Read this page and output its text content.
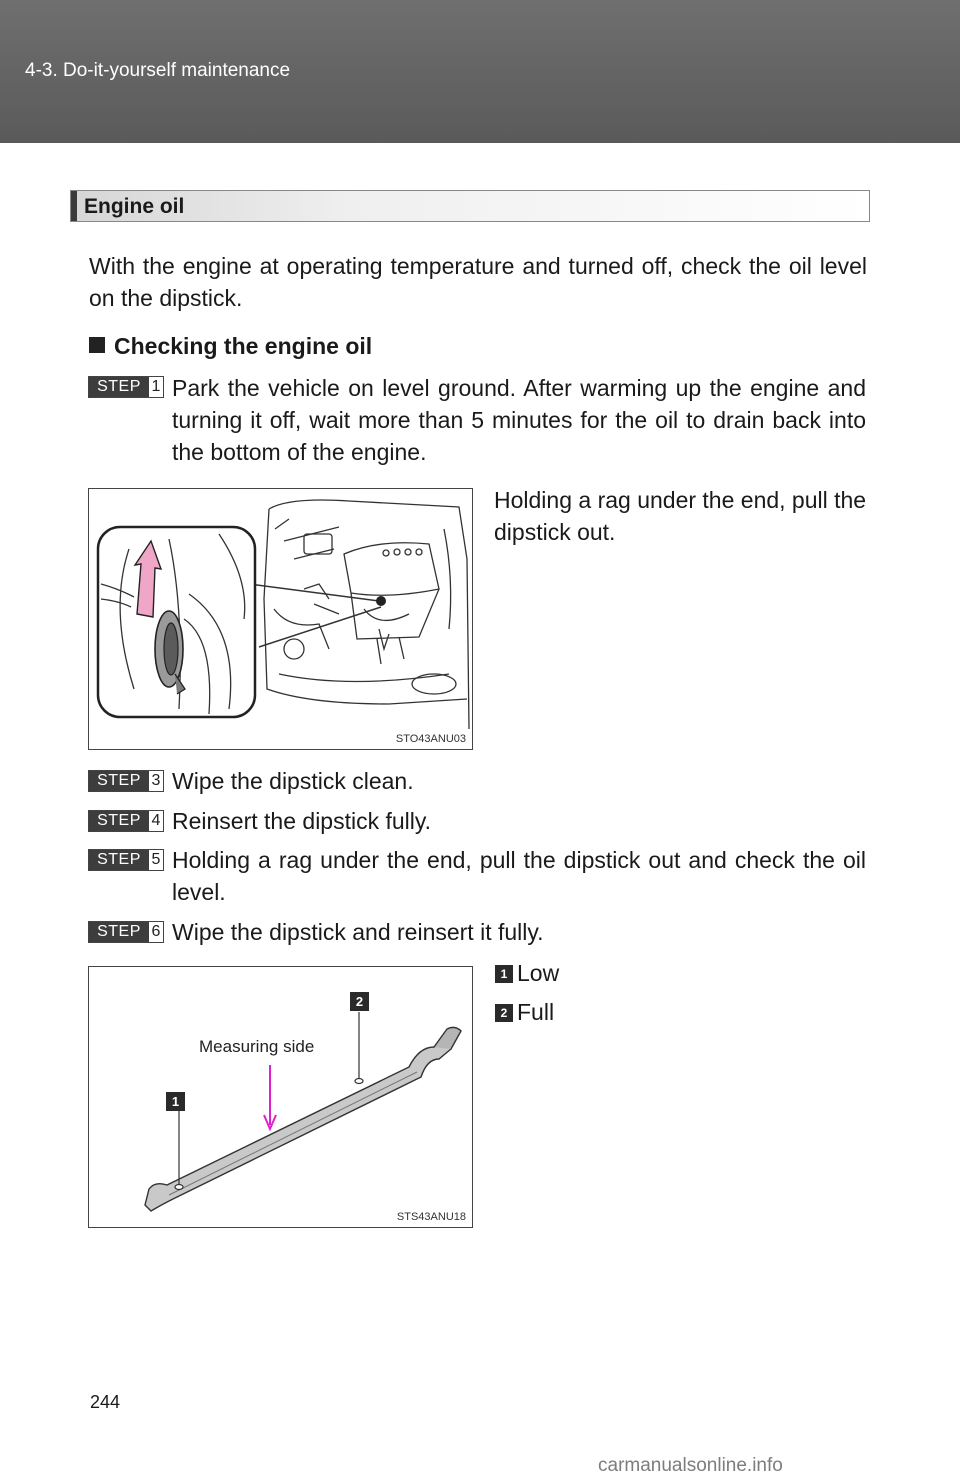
4-3. Do-it-yourself maintenance
Engine oil
With the engine at operating temperature and turned off, check the oil level on the dipstick.
Checking the engine oil
STEP 1 Park the vehicle on level ground. After warming up the engine and turning it off, wait more than 5 minutes for the oil to drain back into the bottom of the engine.
Holding a rag under the end, pull the dipstick out.
STO43ANU03
STEP 3 Wipe the dipstick clean.
STEP 4 Reinsert the dipstick fully.
STEP 5 Holding a rag under the end, pull the dipstick out and check the oil level.
STEP 6 Wipe the dipstick and reinsert it fully.
1
2
Measuring side
STS43ANU18
1 Low
2 Full
244
carmanualsonline.info
